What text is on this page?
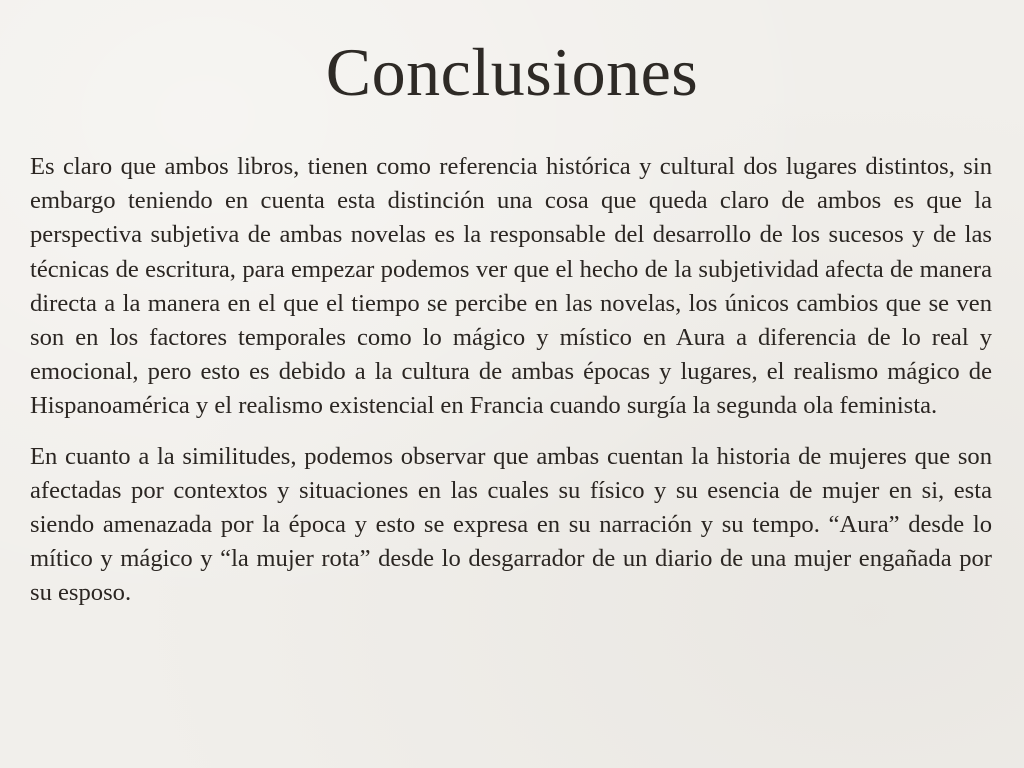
Conclusiones

Es claro que ambos libros, tienen como referencia histórica y cultural dos lugares distintos, sin embargo teniendo en cuenta esta distinción una cosa que queda claro de ambos es que la perspectiva subjetiva de ambas novelas es la responsable del desarrollo de los sucesos y de las técnicas de escritura, para empezar podemos ver que el hecho de la subjetividad afecta de manera directa a la manera en el que el tiempo se percibe en las novelas, los únicos cambios que se ven son en los factores temporales como lo mágico y místico en Aura a diferencia de lo real y emocional, pero esto es debido a la cultura de ambas épocas y lugares, el realismo mágico de Hispanoamérica y el realismo existencial en Francia cuando surgía la segunda ola feminista.

En cuanto a la similitudes, podemos observar que ambas cuentan la historia de mujeres que son afectadas por contextos y situaciones en las cuales su físico y su esencia de mujer en si, esta siendo amenazada por la época y esto se expresa en su narración y su tempo. “Aura” desde lo mítico y mágico y “la mujer rota” desde lo desgarrador de un diario de una mujer engañada por su esposo.
